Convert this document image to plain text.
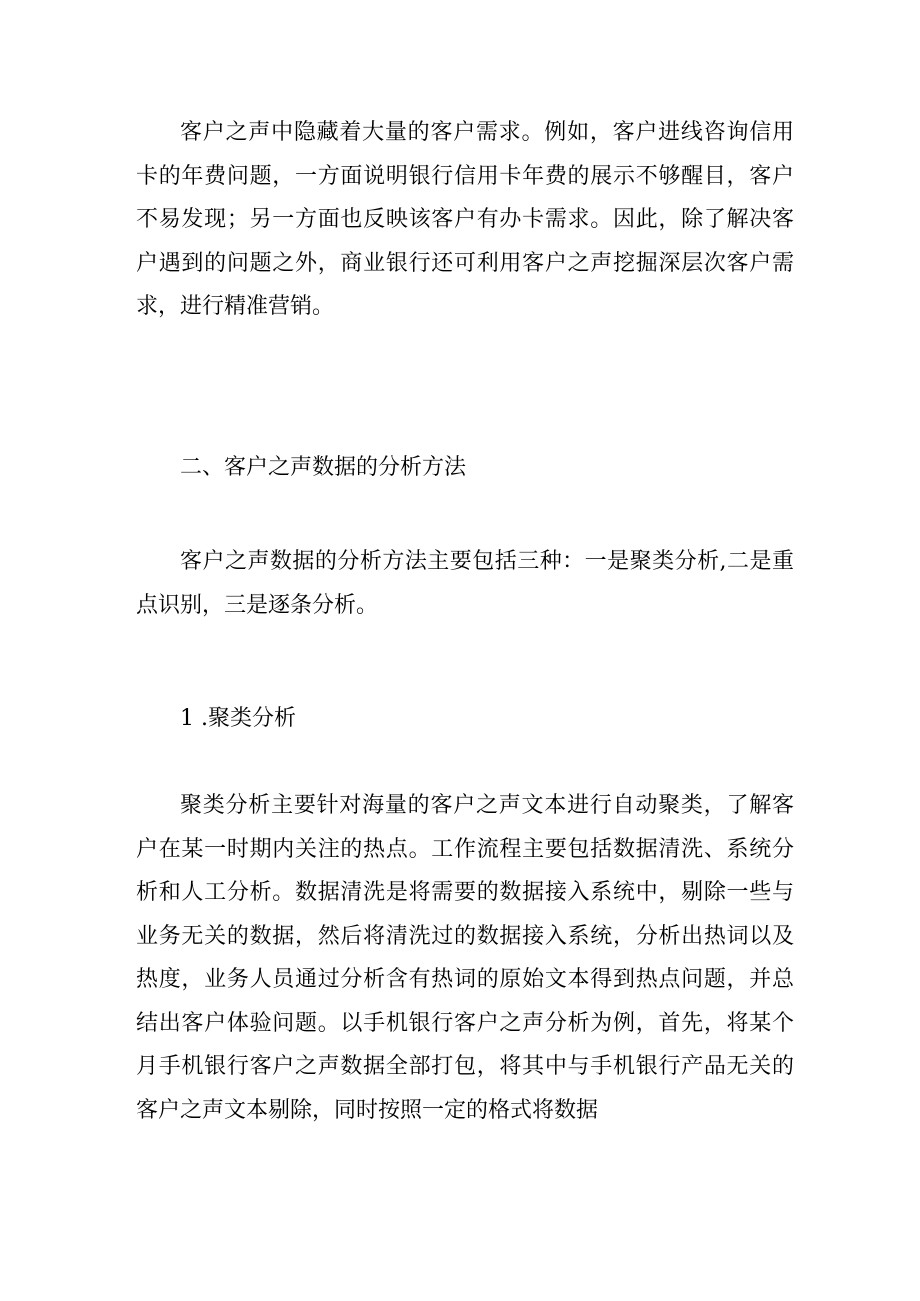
客户之声中隐藏着大量的客户需求。例如，客户进线咨询信用卡的年费问题，一方面说明银行信用卡年费的展示不够醒目，客户不易发现；另一方面也反映该客户有办卡需求。因此，除了解决客户遇到的问题之外，商业银行还可利用客户之声挖掘深层次客户需求，进行精准营销。

二、客户之声数据的分析方法

客户之声数据的分析方法主要包括三种：一是聚类分析,二是重点识别，三是逐条分析。

1 .聚类分析

聚类分析主要针对海量的客户之声文本进行自动聚类，了解客户在某一时期内关注的热点。工作流程主要包括数据清洗、系统分析和人工分析。数据清洗是将需要的数据接入系统中，剔除一些与业务无关的数据，然后将清洗过的数据接入系统，分析出热词以及热度，业务人员通过分析含有热词的原始文本得到热点问题，并总结出客户体验问题。以手机银行客户之声分析为例，首先，将某个月手机银行客户之声数据全部打包，将其中与手机银行产品无关的客户之声文本剔除，同时按照一定的格式将数据
